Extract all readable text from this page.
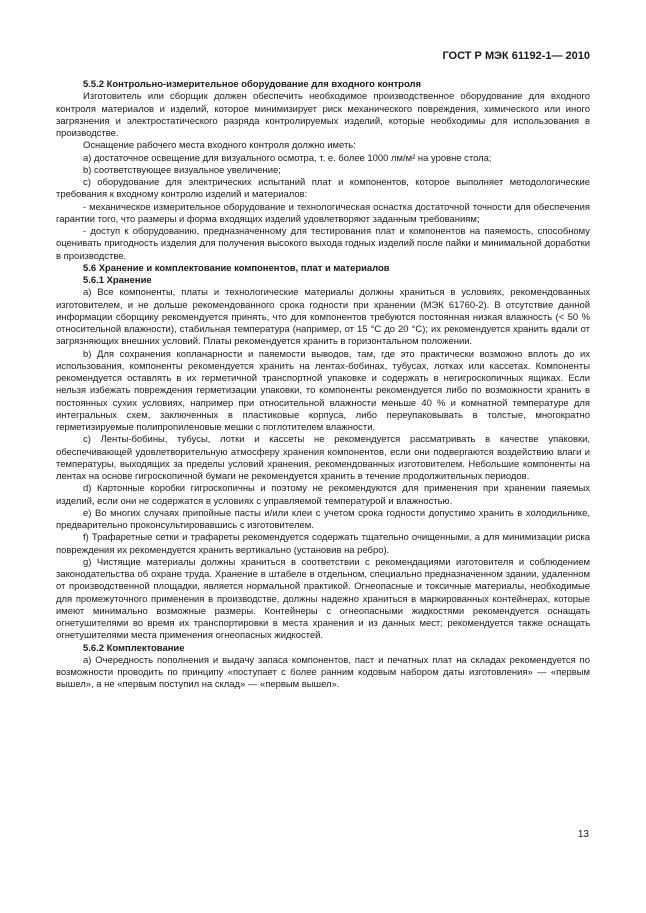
ГОСТ Р МЭК 61192-1— 2010

5.5.2 Контрольно-измерительное оборудование для входного контроля

Изготовитель или сборщик должен обеспечить необходимое производственное оборудование для входного контроля материалов и изделий, которое минимизирует риск механического повреждения, химического или иного загрязнения и электростатического разряда контролируемых изделий, которые необходимы для использования в производстве.

Оснащение рабочего места входного контроля должно иметь:

а) достаточное освещение для визуального осмотра, т. е. более 1000 лм/м² на уровне стола;

b) соответствующее визуальное увеличение;

c) оборудование для электрических испытаний плат и компонентов, которое выполняет методологические требования к входному контролю изделий и материалов:

- механическое измерительное оборудование и технологическая оснастка достаточной точности для обеспечения гарантии того, что размеры и форма входящих изделий удовлетворяют заданным требованиям;

- доступ к оборудованию, предназначенному для тестирования плат и компонентов на паяемость, способному оценивать пригодность изделия для получения высокого выхода годных изделий после пайки и минимальной доработки в производстве.

5.6 Хранение и комплектование компонентов, плат и материалов

5.6.1 Хранение

а) Все компоненты, платы и технологические материалы должны храниться в условиях, рекомендованных изготовителем, и не дольше рекомендованного срока годности при хранении (МЭК 61760-2). В отсутствие данной информации сборщику рекомендуется принять, что для компонентов требуются постоянная низкая влажность (< 50 % относительной влажности), стабильная температура (например, от 15 °С до 20 °С); их рекомендуется хранить вдали от загрязняющих внешних условий. Платы рекомендуется хранить в горизонтальном положении.

b) Для сохранения копланарности и паяемости выводов, там, где это практически возможно вплоть до их использования, компоненты рекомендуется хранить на лентах-бобинах, тубусах, лотках или кассетах. Компоненты рекомендуется оставлять в их герметичной транспортной упаковке и содержать в негигроскопичных ящиках. Если нельзя избежать повреждения герметизации упаковки, то компоненты рекомендуется либо по возможности хранить в постоянных сухих условиях, например при относительной влажности меньше 40 % и комнатной температуре для интегральных схем, заключенных в пластиковые корпуса, либо переупаковывать в толстые, многократно герметизируемые полипропиленовые мешки с поглотителем влажности.

c) Ленты-бобины, тубусы, лотки и кассеты не рекомендуется рассматривать в качестве упаковки, обеспечивающей удовлетворительную атмосферу хранения компонентов, если они подвергаются воздействию влаги и температуры, выходящих за пределы условий хранения, рекомендованных изготовителем. Небольшие компоненты на лентах на основе гигроскопичной бумаги не рекомендуется хранить в течение продолжительных периодов.

d) Картонные коробки гигроскопичны и поэтому не рекомендуются для применения при хранении паяемых изделий, если они не содержатся в условиях с управляемой температурой и влажностью.

e) Во многих случаях припойные пасты и/или клеи с учетом срока годности допустимо хранить в холодильнике, предварительно проконсультировавшись с изготовителем.

f) Трафаретные сетки и трафареты рекомендуется содержать тщательно очищенными, а для минимизации риска повреждения их рекомендуется хранить вертикально (установив на ребро).

g) Чистящие материалы должны храниться в соответствии с рекомендациями изготовителя и соблюдением законодательства об охране труда. Хранение в штабеле в отдельном, специально предназначенном здании, удаленном от производственной площадки, является нормальной практикой. Огнеопасные и токсичные материалы, необходимые для промежуточного применения в производстве, должны надежно храниться в маркированных контейнерах, которые имеют минимально возможные размеры. Контейнеры с огнеопасными жидкостями рекомендуется оснащать огнетушителями во время их транспортировки в места хранения и из данных мест; рекомендуется также оснащать огнетушителями места применения огнеопасных жидкостей.

5.6.2 Комплектование

а) Очередность пополнения и выдачу запаса компонентов, паст и печатных плат на складах рекомендуется по возможности проводить по принципу «поступает с более ранним кодовым набором даты изготовления» — «первым вышел», а не «первым поступил на склад» — «первым вышел».

13
